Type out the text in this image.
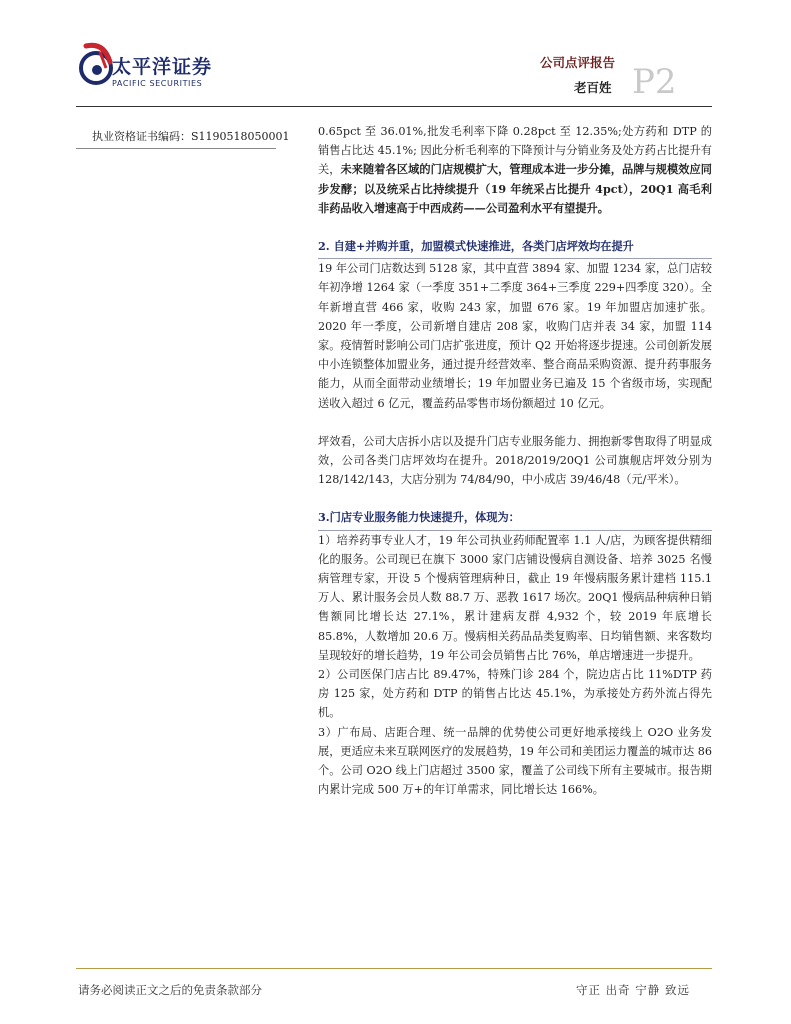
太平洋证券
PACIFIC SECURITIES
公司点评报告
老百姓 P2
执业资格证书编码：S1190518050001	0.65pct 至 36.01%,批发毛利率下降 0.28pct 至 12.35%;处方药和 DTP 的销售占比达 45.1%; 因此分析毛利率的下降预计与分销业务及处方药占比提升有关，未来随着各区域的门店规模扩大，管理成本进一步分摊，品牌与规模效应同步发酵；以及统采占比持续提升（19 年统采占比提升 4pct），20Q1 高毛利非药品收入增速高于中西成药——公司盈利水平有望提升。

2. 自建+并购并重，加盟模式快速推进，各类门店坪效均在提升

19 年公司门店数达到 5128 家，其中直营 3894 家、加盟 1234 家，总门店较年初净增 1264 家（一季度 351+二季度 364+三季度 229+四季度 320）。全年新增直营 466 家，收购 243 家，加盟 676 家。19 年加盟店加速扩张。2020 年一季度，公司新增自建店 208 家，收购门店并表 34 家，加盟 114 家。疫情暂时影响公司门店扩张进度，预计 Q2 开始将逐步提速。公司创新发展中小连锁整体加盟业务，通过提升经营效率、整合商品采购资源、提升药事服务能力，从而全面带动业绩增长；19 年加盟业务已遍及 15 个省级市场，实现配送收入超过 6 亿元，覆盖药品零售市场份额超过 10 亿元。

坪效看，公司大店拆小店以及提升门店专业服务能力、拥抱新零售取得了明显成效，公司各类门店坪效均在提升。2018/2019/20Q1 公司旗舰店坪效分别为 128/142/143，大店分别为 74/84/90，中小成店 39/46/48（元/平米）。

3.门店专业服务能力快速提升，体现为：

1）培养药事专业人才，19 年公司执业药师配置率 1.1 人/店，为顾客提供精细化的服务。公司现已在旗下 3000 家门店铺设慢病自测设备、培养 3025 名慢病管理专家，开设 5 个慢病管理病种日，截止 19 年慢病服务累计建档 115.1 万人、累计服务会员人数 88.7 万、恶教 1617 场次。20Q1 慢病品种病种日销售额同比增长达 27.1%，累计建病友群 4,932 个，较 2019 年底增长 85.8%，人数增加 20.6 万。慢病相关药品品类复购率、日均销售额、来客数均呈现较好的增长趋势，19 年公司会员销售占比 76%，单店增速进一步提升。

2）公司医保门店占比 89.47%，特殊门诊 284 个，院边店占比 11%DTP 药房 125 家，处方药和 DTP 的销售占比达 45.1%，为承接处方药外流占得先机。

3）广布局、店距合理、统一品牌的优势使公司更好地承接线上 O2O 业务发展，更适应未来互联网医疗的发展趋势，19 年公司和美团运力覆盖的城市达 86 个。公司 O2O 线上门店超过 3500 家，覆盖了公司线下所有主要城市。报告期内累计完成 500 万+的年订单需求，同比增长达 166%。

请务必阅读正文之后的免责条款部分	守正 出奇 宁静 致远
